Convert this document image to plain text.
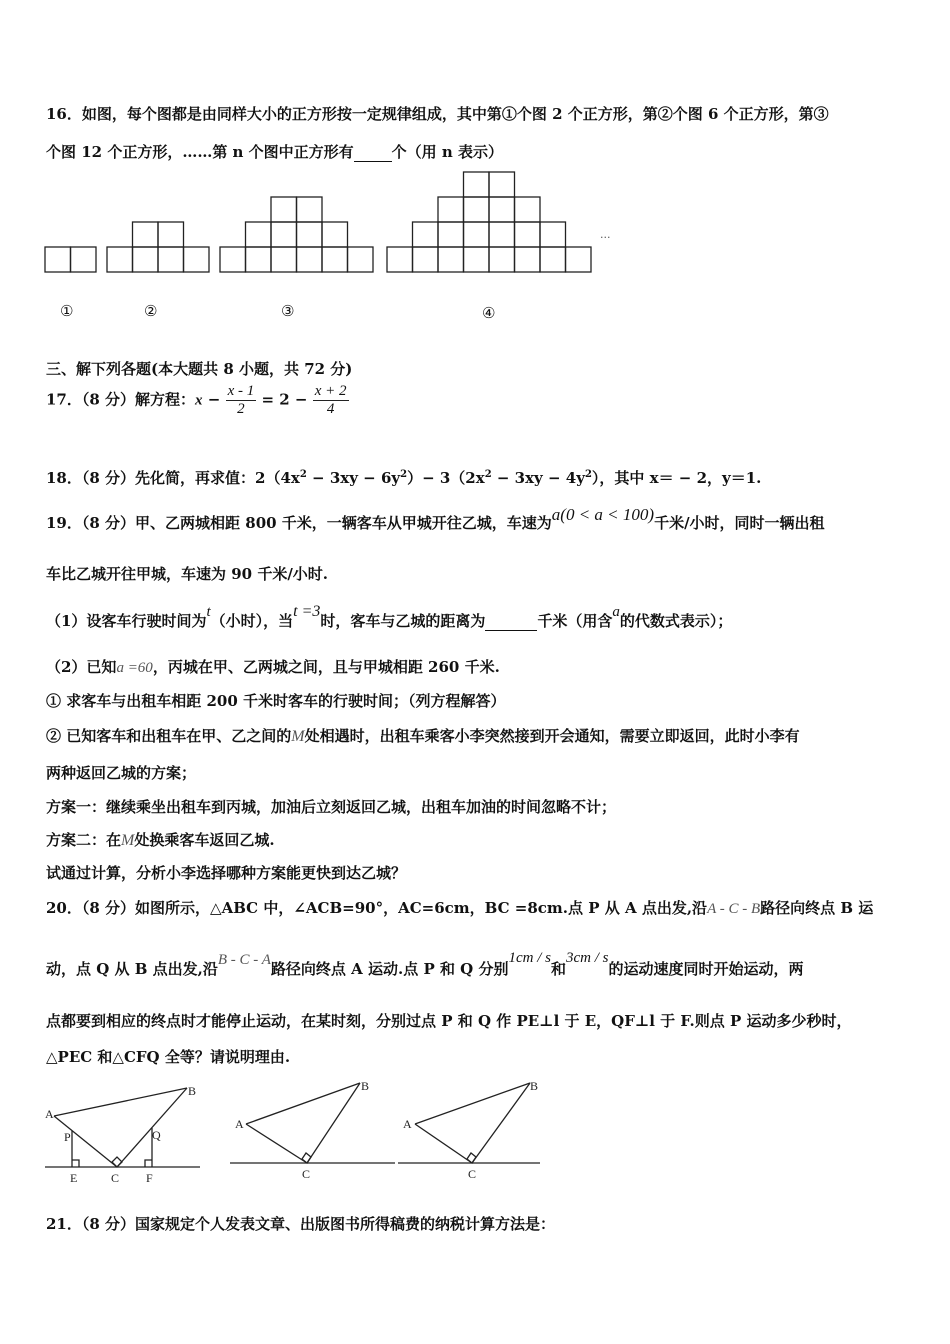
16．如图，每个图都是由同样大小的正方形按一定规律组成，其中第①个图 2 个正方形，第②个图 6 个正方形，第③
个图 12 个正方形，……第 n 个图中正方形有	个（用 n 表示）
···
①	②	③	④
三、解下列各题(本大题共 8 小题，共 72 分)
17．（8 分）解方程：$x - \frac{x - 1}{2} = 2 - \frac{x + 2}{4}$
18．（8 分）先化简，再求值：$2(4x^2 - 3xy - 6y^2)- 3(2x^2 - 3xy - 4y^2)$，其中 x＝ − 2，y＝1.
19．（8 分）甲、乙两城相距 800 千米，一辆客车从甲城开往乙城，车速为a(0 < a < 100)千米/小时，同时一辆出租
车比乙城开往甲城，车速为 90 千米/小时.
（1）设客车行驶时间为t（小时），当t =3时，客车与乙城的距离为	千米（用含a的代数式表示）；
（2）已知a =60，丙城在甲、乙两城之间，且与甲城相距 260 千米.
① 求客车与出租车相距 200 千米时客车的行驶时间；（列方程解答）
② 已知客车和出租车在甲、乙之间的M处相遇时，出租车乘客小李突然接到开会通知，需要立即返回，此时小李有
两种返回乙城的方案；
方案一：继续乘坐出租车到丙城，加油后立刻返回乙城，出租车加油的时间忽略不计；
方案二：在M处换乘客车返回乙城.
试通过计算，分析小李选择哪种方案能更快到达乙城？
20．（8 分）如图所示，△ABC 中，∠ACB=90°，AC=6cm，BC =8cm.点 P 从 A 点出发,沿A - C - B路径向终点 B 运
动，点 Q 从 B 点出发,沿B - C - A路径向终点 A 运动.点 P 和 Q 分别1cm / s和3cm / s的运动速度同时开始运动，两
点都要到相应的终点时才能停止运动，在某时刻，分别过点 P 和 Q 作 PE⊥l 于 E，QF⊥l 于 F.则点 P 运动多少秒时，
△PEC 和△CFQ 全等？请说明理由.
A
B
P	Q
E	C F
A
B
C
A
B
C
21．（8 分）国家规定个人发表文章、出版图书所得稿费的纳税计算方法是：
